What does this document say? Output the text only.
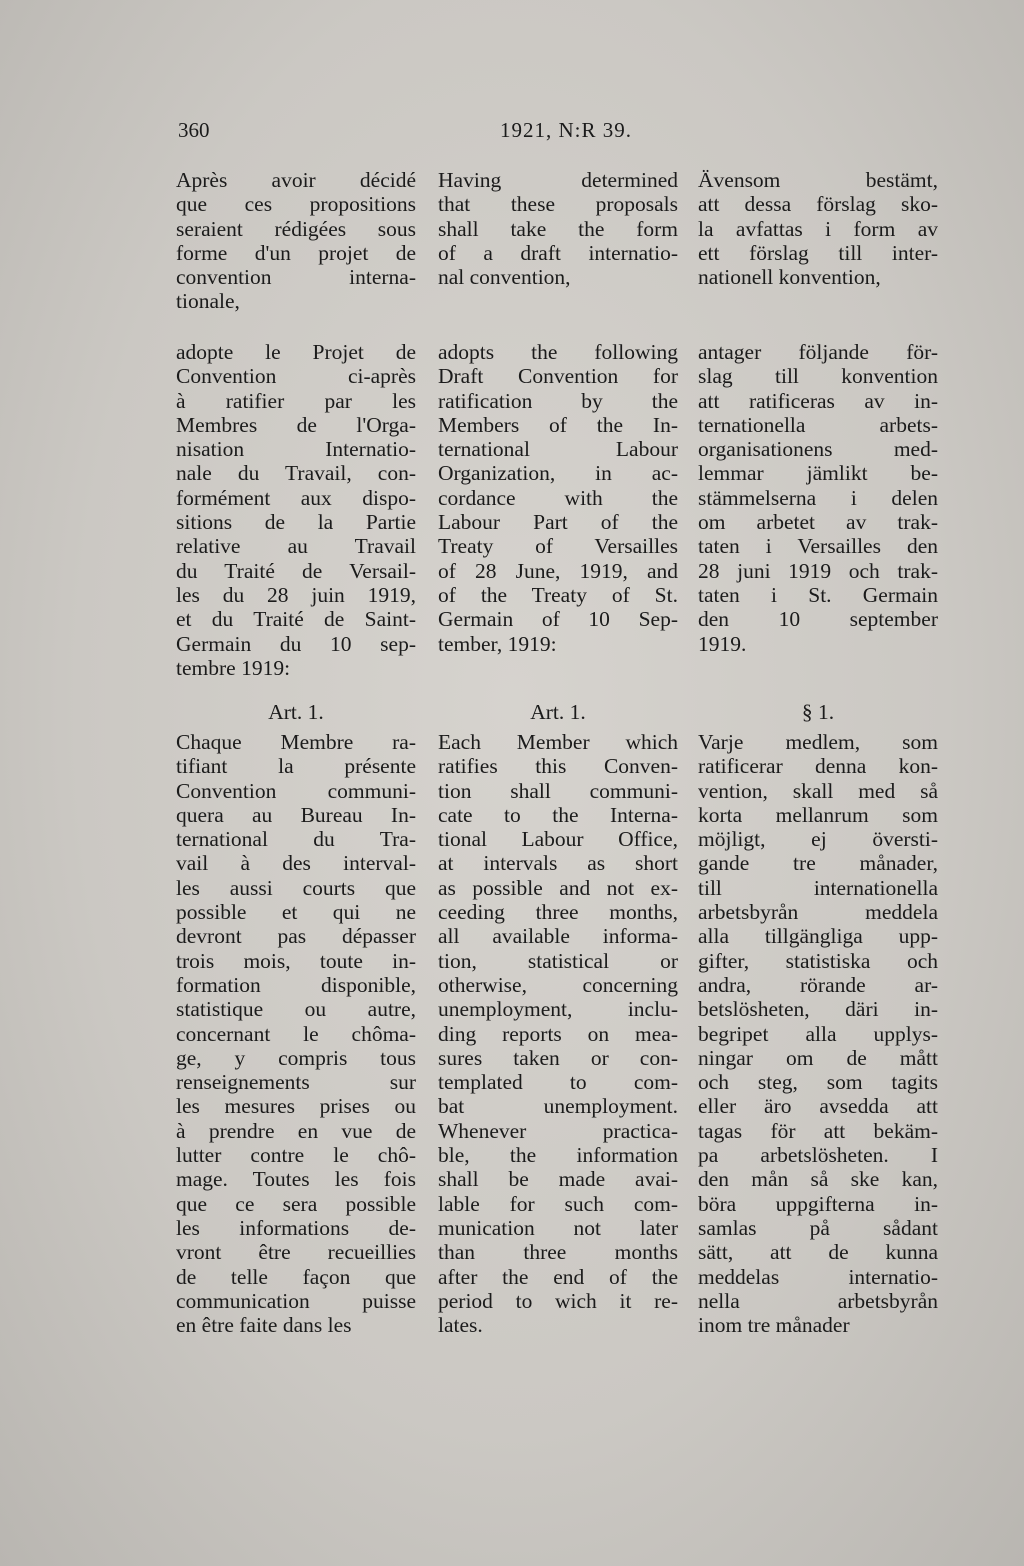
360	1921, N:R 39.
Après avoir décidé
que ces propositions
seraient rédigées sous
forme d'un projet de
convention interna-
tionale,
adopte le Projet de
Convention ci-après
à ratifier par les
Membres de l'Orga-
nisation Internatio-
nale du Travail, con-
formément aux dispo-
sitions de la Partie
relative au Travail
du Traité de Versail-
les du 28 juin 1919,
et du Traité de Saint-
Germain du 10 sep-
tembre 1919:
Art. 1.
Chaque Membre ra-
tifiant la présente
Convention communi-
quera au Bureau In-
ternational du Tra-
vail à des interval-
les aussi courts que
possible et qui ne
devront pas dépasser
trois mois, toute in-
formation disponible,
statistique ou autre,
concernant le chôma-
ge, y compris tous
renseignements sur
les mesures prises ou
à prendre en vue de
lutter contre le chô-
mage. Toutes les fois
que ce sera possible
les informations de-
vront être recueillies
de telle façon que
communication puisse
en être faite dans les
Having determined
that these proposals
shall take the form
of a draft internatio-
nal convention,
adopts the following
Draft Convention for
ratification by the
Members of the In-
ternational Labour
Organization, in ac-
cordance with the
Labour Part of the
Treaty of Versailles
of 28 June, 1919, and
of the Treaty of St.
Germain of 10 Sep-
tember, 1919:
Art. 1.
Each Member which
ratifies this Conven-
tion shall communi-
cate to the Interna-
tional Labour Office,
at intervals as short
as possible and not ex-
ceeding three months,
all available informa-
tion, statistical or
otherwise, concerning
unemployment, inclu-
ding reports on mea-
sures taken or con-
templated to com-
bat unemployment.
Whenever practica-
ble, the information
shall be made avai-
lable for such com-
munication not later
than three months
after the end of the
period to wich it re-
lates.
Ävensom bestämt,
att dessa förslag sko-
la avfattas i form av
ett förslag till inter-
nationell konvention,
antager följande för-
slag till konvention
att ratificeras av in-
ternationella arbets-
organisationens med-
lemmar jämlikt be-
stämmelserna i delen
om arbetet av trak-
taten i Versailles den
28 juni 1919 och trak-
taten i St. Germain
den 10 september
1919.
§ 1.
Varje medlem, som
ratificerar denna kon-
vention, skall med så
korta mellanrum som
möjligt, ej översti-
gande tre månader,
till internationella
arbetsbyrån meddela
alla tillgängliga upp-
gifter, statistiska och
andra, rörande ar-
betslösheten, däri in-
begripet alla upplys-
ningar om de mått
och steg, som tagits
eller äro avsedda att
tagas för att bekäm-
pa arbetslösheten. I
den mån så ske kan,
böra uppgifterna in-
samlas på sådant
sätt, att de kunna
meddelas internatio-
nella arbetsbyrån
inom tre månader
